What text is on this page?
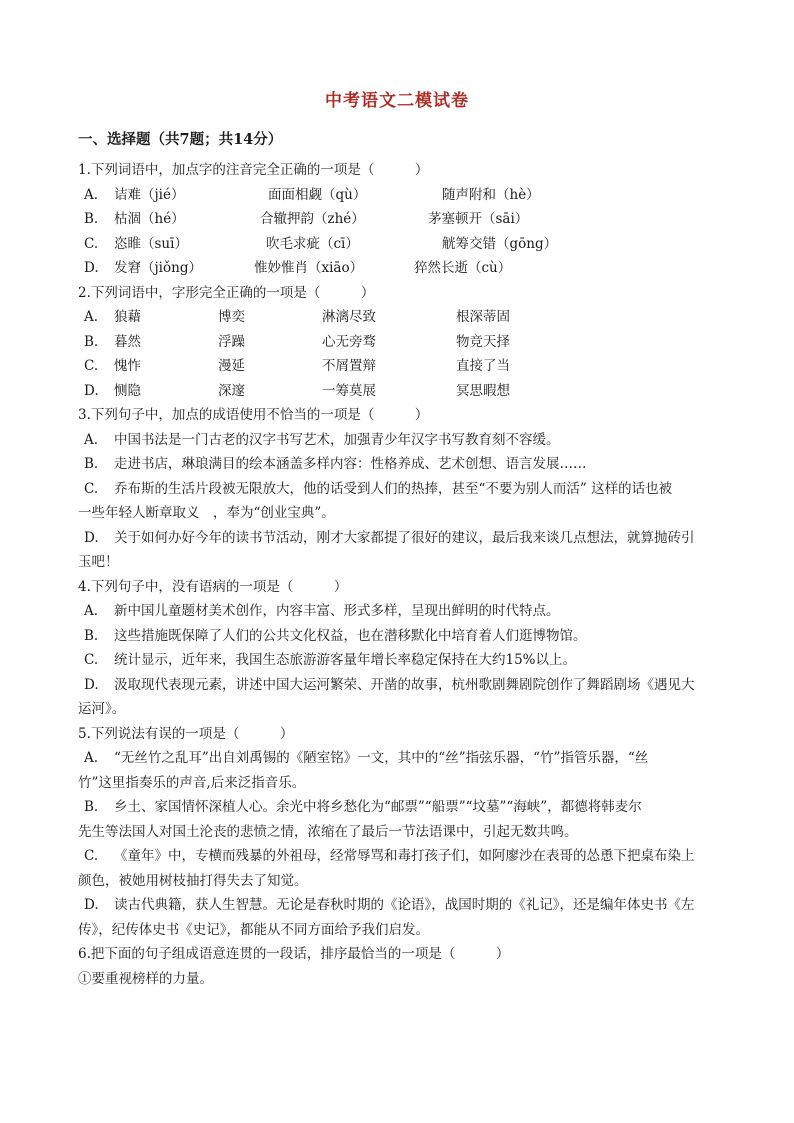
中考语文二模试卷
一、选择题（共7题；共14分）
1.下列词语中，加点字的注音完全正确的一项是（　　　）
A. 诘难（jié）	面面相觑（qù）	随声附和（hè）
B. 枯涸（hé）	合辙押韵（zhé）	茅塞顿开（sāi）
C. 恣睢（suī）	吹毛求疵（cī）	觥筹交错（gōng）
D. 发窘（jiǒng）	惟妙惟肖（xiāo）	猝然长逝（cù）
2.下列词语中，字形完全正确的一项是（　　　）
A. 狼藉	博奕	淋漓尽致	根深蒂固
B. 暮然	浮躁	心无旁骛	物竞天择
C. 愧怍	漫延	不屑置辩	直接了当
D. 恻隐	深邃	一筹莫展	冥思暇想
3.下列句子中，加点的成语使用不恰当的一项是（　　　）
A. 中国书法是一门古老的汉字书写艺术，加强青少年汉字书写教育刻不容缓。
B. 走进书店，琳琅满目的绘本涵盖多样内容：性格养成、艺术创想、语言发展……
C. 乔布斯的生活片段被无限放大，他的话受到人们的热捧，甚至“不要为别人而活” 这样的话也被
一些年轻人断章取义　，奉为“创业宝典”。
D. 关于如何办好今年的读书节活动，刚才大家都提了很好的建议，最后我来谈几点想法，就算抛砖引
玉吧！
4.下列句子中，没有语病的一项是（　　　）
A. 新中国儿童题材美术创作，内容丰富、形式多样，呈现出鲜明的时代特点。
B. 这些措施既保障了人们的公共文化权益，也在潜移默化中培育着人们逛博物馆。
C. 统计显示，近年来，我国生态旅游游客量年增长率稳定保持在大约15%以上。
D. 汲取现代表现元素，讲述中国大运河繁荣、开凿的故事，杭州歌剧舞剧院创作了舞蹈剧场《遇见大
运河》。
5.下列说法有误的一项是（　　　）
A. “无丝竹之乱耳”出自刘禹锡的《陋室铭》一文，其中的“丝”指弦乐器，“竹”指管乐器，“丝
竹”这里指奏乐的声音,后来泛指音乐。
B. 乡土、家国情怀深植人心。余光中将乡愁化为“邮票”“船票”“坟墓”“海峡”，都德将韩麦尔
先生等法国人对国土沦丧的悲愤之情，浓缩在了最后一节法语课中，引起无数共鸣。
C. 《童年》中，专横而残暴的外祖母，经常辱骂和毒打孩子们，如阿廖沙在表哥的怂恿下把桌布染上
颜色，被她用树枝抽打得失去了知觉。
D. 读古代典籍，获人生智慧。无论是春秋时期的《论语》，战国时期的《礼记》，还是编年体史书《左
传》，纪传体史书《史记》，都能从不同方面给予我们启发。
6.把下面的句子组成语意连贯的一段话，排序最恰当的一项是（　　　）
①要重视榜样的力量。
